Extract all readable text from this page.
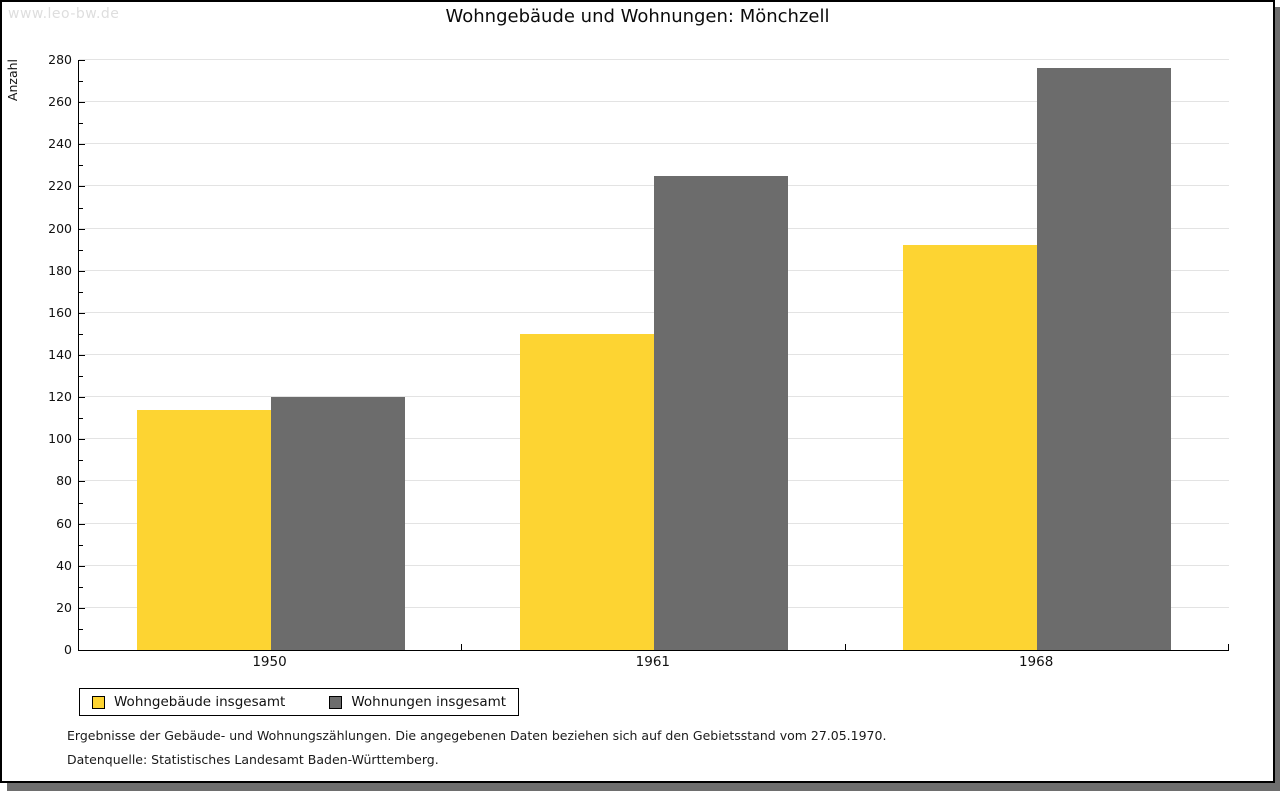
www.leo-bw.de	Wohngebäude und Wohnungen: Mönchzell
Anzahl
0
20
40
60
80
100
120
140
160
180
200
220
240
260
280
1950	1961	1968
Wohngebäude insgesamt	Wohnungen insgesamt
Ergebnisse der Gebäude- und Wohnungszählungen. Die angegebenen Daten beziehen sich auf den Gebietsstand vom 27.05.1970.
Datenquelle: Statistisches Landesamt Baden-Württemberg.
